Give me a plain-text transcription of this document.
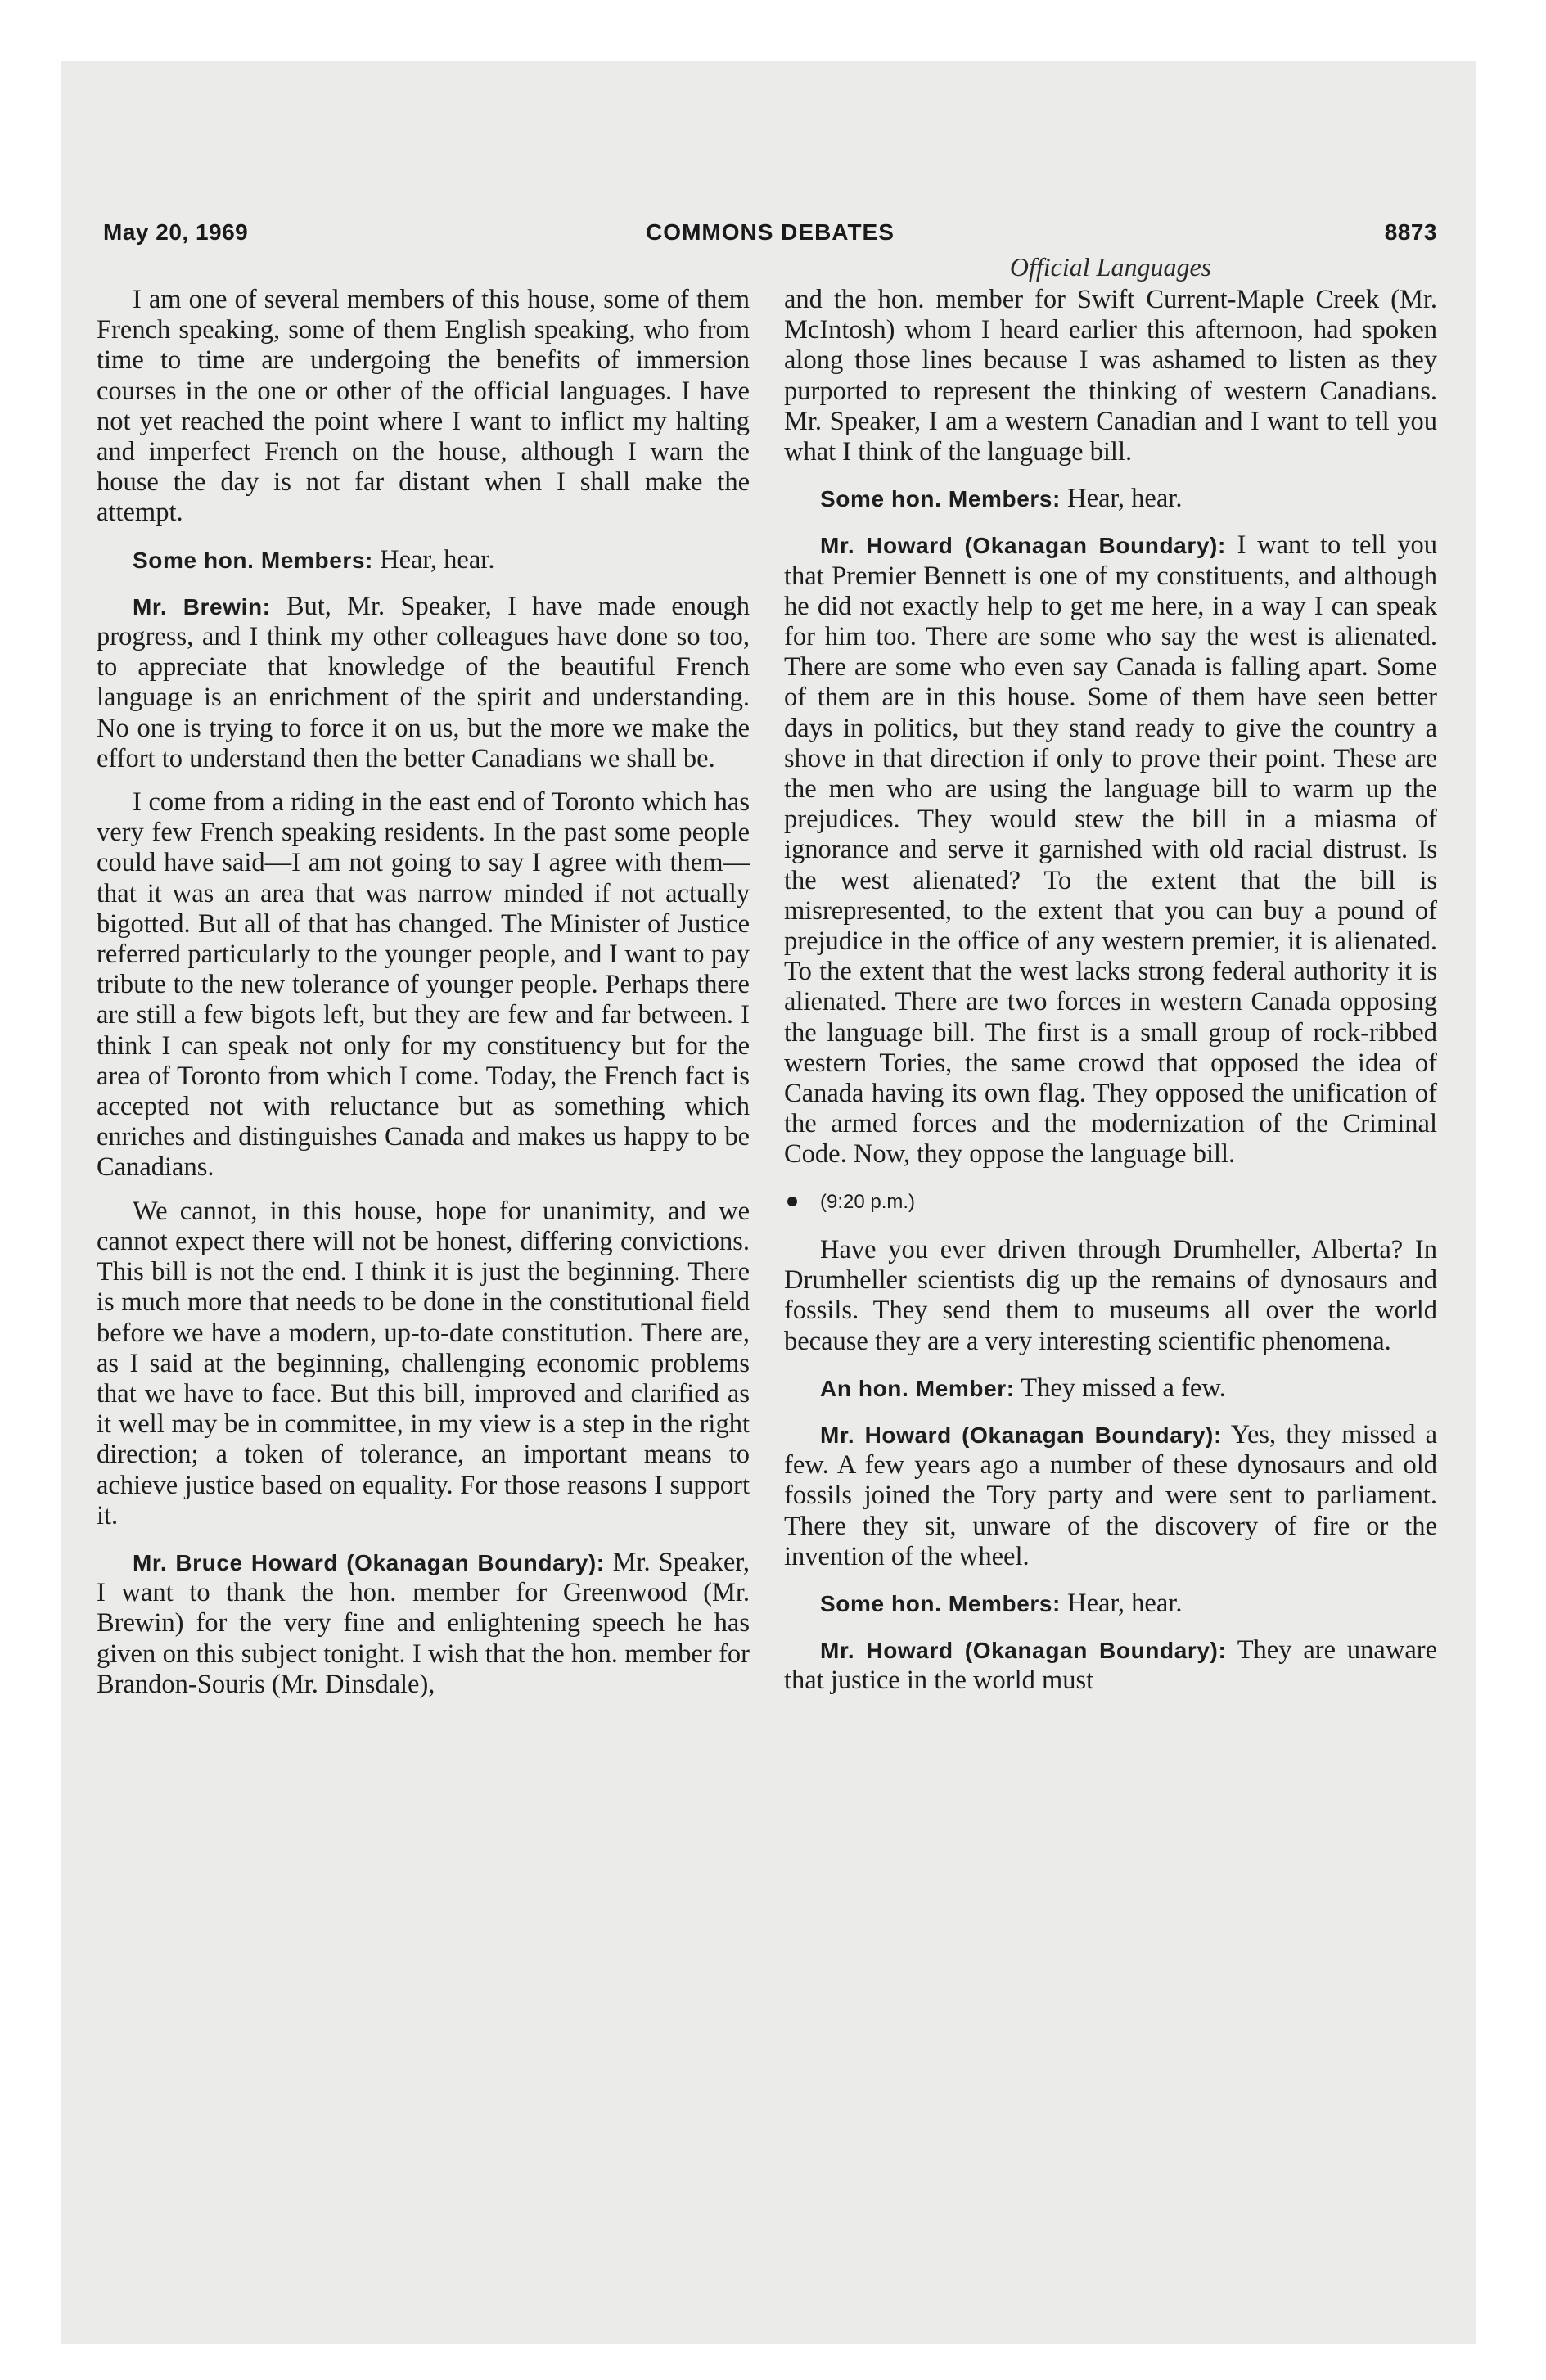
May 20, 1969	COMMONS DEBATES	8873
Official Languages

I am one of several members of this house, some of them French speaking, some of them English speaking, who from time to time are undergoing the benefits of immersion courses in the one or other of the official languages. I have not yet reached the point where I want to inflict my halting and imperfect French on the house, although I warn the house the day is not far distant when I shall make the attempt.

Some hon. Members: Hear, hear.

Mr. Brewin: But, Mr. Speaker, I have made enough progress, and I think my other colleagues have done so too, to appreciate that knowledge of the beautiful French language is an enrichment of the spirit and understanding. No one is trying to force it on us, but the more we make the effort to understand then the better Canadians we shall be.

I come from a riding in the east end of Toronto which has very few French speaking residents. In the past some people could have said—I am not going to say I agree with them—that it was an area that was narrow minded if not actually bigotted. But all of that has changed. The Minister of Justice referred particularly to the younger people, and I want to pay tribute to the new tolerance of younger people. Perhaps there are still a few bigots left, but they are few and far between. I think I can speak not only for my constituency but for the area of Toronto from which I come. Today, the French fact is accepted not with reluctance but as something which enriches and distinguishes Canada and makes us happy to be Canadians.

We cannot, in this house, hope for unanimity, and we cannot expect there will not be honest, differing convictions. This bill is not the end. I think it is just the beginning. There is much more that needs to be done in the constitutional field before we have a modern, up-to-date constitution. There are, as I said at the beginning, challenging economic problems that we have to face. But this bill, improved and clarified as it well may be in committee, in my view is a step in the right direction; a token of tolerance, an important means to achieve justice based on equality. For those reasons I support it.

Mr. Bruce Howard (Okanagan Boundary): Mr. Speaker, I want to thank the hon. member for Greenwood (Mr. Brewin) for the very fine and enlightening speech he has given on this subject tonight. I wish that the hon. member for Brandon-Souris (Mr. Dinsdale),

and the hon. member for Swift Current-Maple Creek (Mr. McIntosh) whom I heard earlier this afternoon, had spoken along those lines because I was ashamed to listen as they purported to represent the thinking of western Canadians. Mr. Speaker, I am a western Canadian and I want to tell you what I think of the language bill.

Some hon. Members: Hear, hear.

Mr. Howard (Okanagan Boundary): I want to tell you that Premier Bennett is one of my constituents, and although he did not exactly help to get me here, in a way I can speak for him too. There are some who say the west is alienated. There are some who even say Canada is falling apart. Some of them are in this house. Some of them have seen better days in politics, but they stand ready to give the country a shove in that direction if only to prove their point. These are the men who are using the language bill to warm up the prejudices. They would stew the bill in a miasma of ignorance and serve it garnished with old racial distrust. Is the west alienated? To the extent that the bill is misrepresented, to the extent that you can buy a pound of prejudice in the office of any western premier, it is alienated. To the extent that the west lacks strong federal authority it is alienated. There are two forces in western Canada opposing the language bill. The first is a small group of rock-ribbed western Tories, the same crowd that opposed the idea of Canada having its own flag. They opposed the unification of the armed forces and the modernization of the Criminal Code. Now, they oppose the language bill.

(9:20 p.m.)

Have you ever driven through Drumheller, Alberta? In Drumheller scientists dig up the remains of dynosaurs and fossils. They send them to museums all over the world because they are a very interesting scientific phenomena.

An hon. Member: They missed a few.

Mr. Howard (Okanagan Boundary): Yes, they missed a few. A few years ago a number of these dynosaurs and old fossils joined the Tory party and were sent to parliament. There they sit, unware of the discovery of fire or the invention of the wheel.

Some hon. Members: Hear, hear.

Mr. Howard (Okanagan Boundary): They are unaware that justice in the world must
